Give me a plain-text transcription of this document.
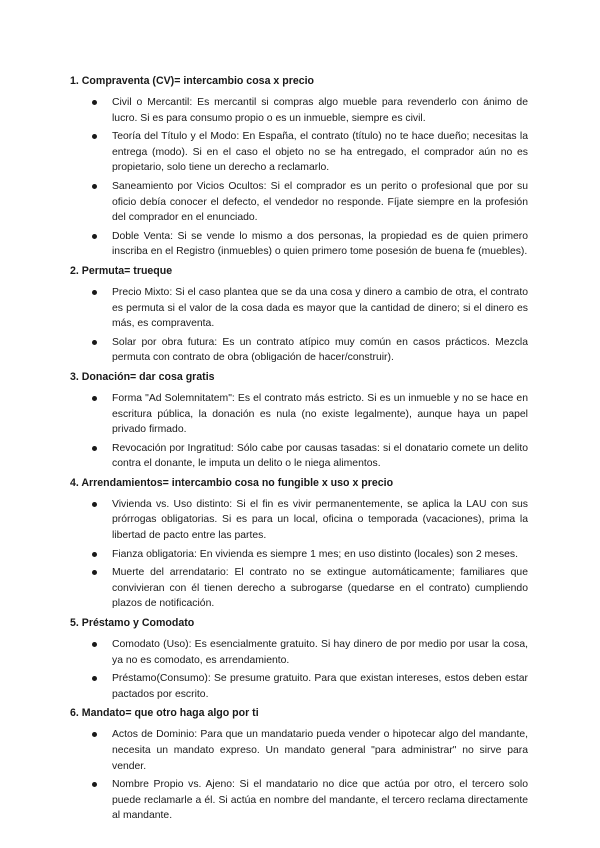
1. Compraventa (CV)= intercambio cosa x precio
Civil o Mercantil: Es mercantil si compras algo mueble para revenderlo con ánimo de lucro. Si es para consumo propio o es un inmueble, siempre es civil.
Teoría del Título y el Modo: En España, el contrato (título) no te hace dueño; necesitas la entrega (modo). Si en el caso el objeto no se ha entregado, el comprador aún no es propietario, solo tiene un derecho a reclamarlo.
Saneamiento por Vicios Ocultos: Si el comprador es un perito o profesional que por su oficio debía conocer el defecto, el vendedor no responde. Fíjate siempre en la profesión del comprador en el enunciado.
Doble Venta: Si se vende lo mismo a dos personas, la propiedad es de quien primero inscriba en el Registro (inmuebles) o quien primero tome posesión de buena fe (muebles).
2. Permuta= trueque
Precio Mixto: Si el caso plantea que se da una cosa y dinero a cambio de otra, el contrato es permuta si el valor de la cosa dada es mayor que la cantidad de dinero; si el dinero es más, es compraventa.
Solar por obra futura: Es un contrato atípico muy común en casos prácticos. Mezcla permuta con contrato de obra (obligación de hacer/construir).
3. Donación= dar cosa gratis
Forma "Ad Solemnitatem": Es el contrato más estricto. Si es un inmueble y no se hace en escritura pública, la donación es nula (no existe legalmente), aunque haya un papel privado firmado.
Revocación por Ingratitud: Sólo cabe por causas tasadas: si el donatario comete un delito contra el donante, le imputa un delito o le niega alimentos.
4. Arrendamientos= intercambio cosa no fungible x uso x precio
Vivienda vs. Uso distinto: Si el fin es vivir permanentemente, se aplica la LAU con sus prórrogas obligatorias. Si es para un local, oficina o temporada (vacaciones), prima la libertad de pacto entre las partes.
Fianza obligatoria: En vivienda es siempre 1 mes; en uso distinto (locales) son 2 meses.
Muerte del arrendatario: El contrato no se extingue automáticamente; familiares que convivieran con él tienen derecho a subrogarse (quedarse en el contrato) cumpliendo plazos de notificación.
5. Préstamo y Comodato
Comodato (Uso): Es esencialmente gratuito. Si hay dinero de por medio por usar la cosa, ya no es comodato, es arrendamiento.
Préstamo(Consumo): Se presume gratuito. Para que existan intereses, estos deben estar pactados por escrito.
6. Mandato= que otro haga algo por ti
Actos de Dominio: Para que un mandatario pueda vender o hipotecar algo del mandante, necesita un mandato expreso. Un mandato general "para administrar" no sirve para vender.
Nombre Propio vs. Ajeno: Si el mandatario no dice que actúa por otro, el tercero solo puede reclamarle a él. Si actúa en nombre del mandante, el tercero reclama directamente al mandante.
